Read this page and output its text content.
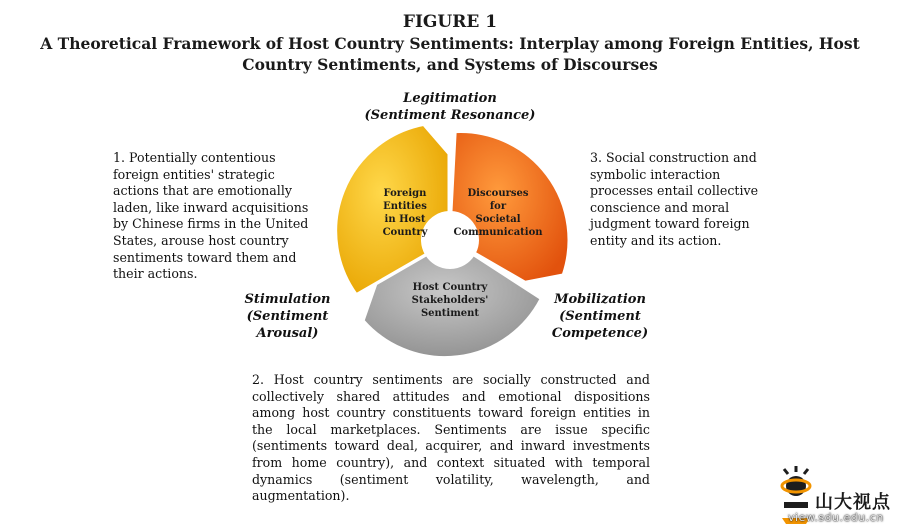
FIGURE 1
A Theoretical Framework of Host Country Sentiments: Interplay among Foreign Entities, Host Country Sentiments, and Systems of Discourses
Foreign
Entities
in Host
Country
Discourses
for
Societal
Communication
Host Country
Stakeholders'
Sentiment
Legitimation
(Sentiment Resonance)
Stimulation
(Sentiment
Arousal)
Mobilization
(Sentiment
Competence)
1. Potentially contentious
foreign entities' strategic
actions that are emotionally
laden, like inward acquisitions
by Chinese firms in the United
States, arouse host country
sentiments toward them and
their actions.
3. Social construction and
symbolic interaction
processes entail collective
conscience and moral
judgment toward foreign
entity and its action.
2. Host country sentiments are socially constructed and collectively shared attitudes and emotional dispositions among host country constituents toward foreign entities in the local marketplaces. Sentiments are issue specific (sentiments toward deal, acquirer, and inward investments from home country), and context situated with temporal dynamics (sentiment volatility, wavelength, and augmentation).	山大视点
view.sdu.edu.cn
